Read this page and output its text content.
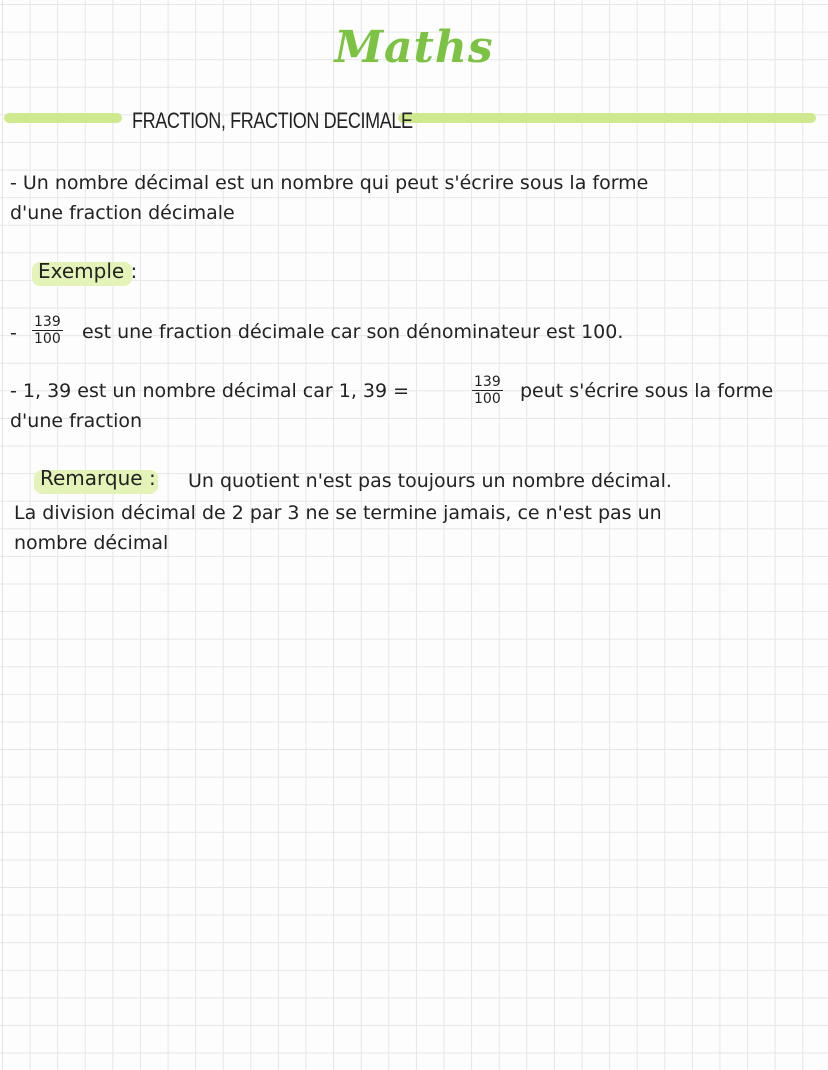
Maths
FRACTION, FRACTION DECIMALE
- Un nombre décimal est un nombre qui peut s'écrire sous la forme
d'une fraction décimale
Exemple :
- $\frac{139}{100}$ est une fraction décimale car son dénominateur est 100.
- 1, 39 est un nombre décimal car 1, 39 =	$\frac{139}{100}$ peut s'écrire sous la forme
d'une fraction
Remarque : Un quotient n'est pas toujours un nombre décimal.
La division décimal de 2 par 3 ne se termine jamais, ce n'est pas un
nombre décimal
